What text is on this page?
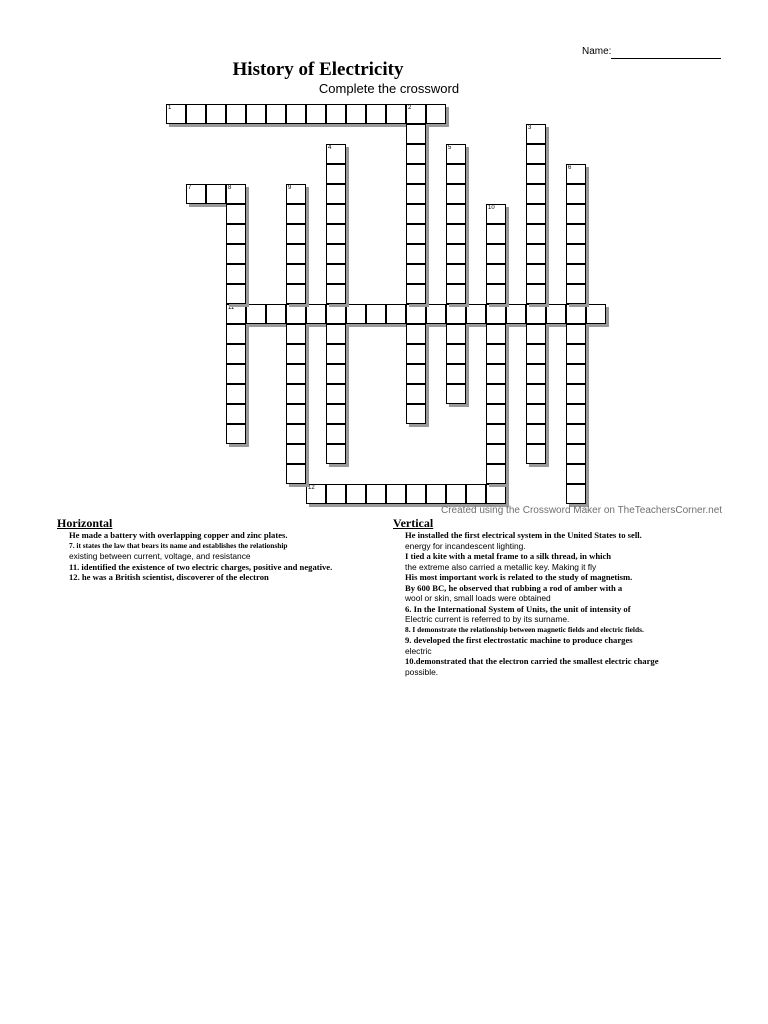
Name:
History of Electricity
Complete the crossword
1	2
7	8
11
12
3
4	5
6
9
10
Created using the Crossword Maker on TheTeachersCorner.net
Horizontal	Vertical
He made a battery with overlapping copper and zinc plates.
7. it states the law that bears its name and establishes the relationship
existing between current, voltage, and resistance
11. identified the existence of two electric charges, positive and negative.
12. he was a British scientist, discoverer of the electron
He installed the first electrical system in the United States to sell.
energy for incandescent lighting.
I tied a kite with a metal frame to a silk thread, in which
the extreme also carried a metallic key. Making it fly
His most important work is related to the study of magnetism.
By 600 BC, he observed that rubbing a rod of amber with a
wool or skin, small loads were obtained
6. In the International System of Units, the unit of intensity of
Electric current is referred to by its surname.
8. I demonstrate the relationship between magnetic fields and electric fields.
9. developed the first electrostatic machine to produce charges
electric
10.demonstrated that the electron carried the smallest electric charge
possible.
